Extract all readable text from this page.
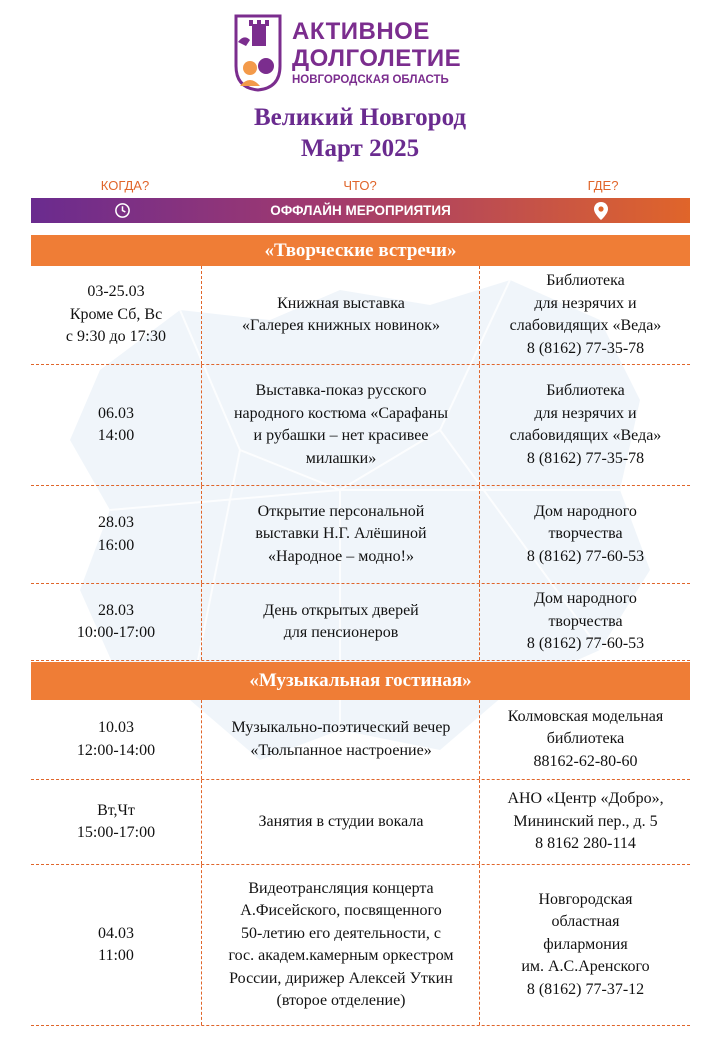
АКТИВНОЕ
ДОЛГОЛЕТИЕ
НОВГОРОДСКАЯ ОБЛАСТЬ
Великий Новгород
Март 2025
КОГДА?	ЧТО?	ГДЕ?
ОФФЛАЙН МЕРОПРИЯТИЯ
«Творческие встречи»
03-25.03
Кроме Сб, Вс
с 9:30 до 17:30
Книжная выставка
«Галерея книжных новинок»
Библиотека
для незрячих и
слабовидящих «Веда»
8 (8162) 77-35-78
06.03
14:00
Выставка-показ русского
народного костюма «Сарафаны
и рубашки – нет красивее
милашки»
Библиотека
для незрячих и
слабовидящих «Веда»
8 (8162) 77-35-78
28.03
16:00
Открытие персональной
выставки Н.Г. Алёшиной
«Народное – модно!»
Дом народного
творчества
8 (8162) 77-60-53
28.03
10:00-17:00
День открытых дверей
для пенсионеров
Дом народного
творчества
8 (8162) 77-60-53
«Музыкальная гостиная»
10.03
12:00-14:00
Музыкально-поэтический вечер
«Тюльпанное настроение»
Колмовская модельная
библиотека
88162-62-80-60
Вт,Чт
15:00-17:00
Занятия в студии вокала
АНО «Центр «Добро»,
Мининский пер., д. 5
8 8162 280-114
04.03
11:00
Видеотрансляция концерта
А.Фисейского, посвященного
50-летию его деятельности, с
гос. академ.камерным оркестром
России, дирижер Алексей Уткин
(второе отделение)
Новгородская
областная
филармония
им. А.С.Аренского
8 (8162) 77-37-12
